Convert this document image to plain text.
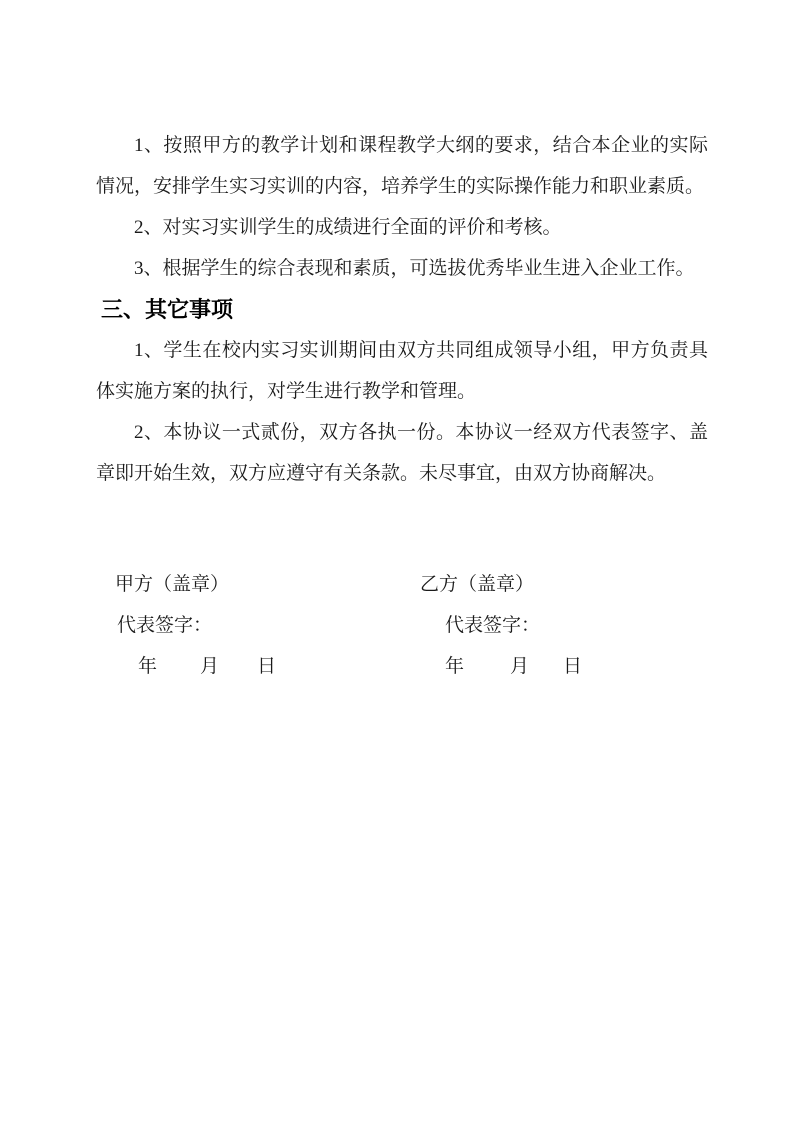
1、按照甲方的教学计划和课程教学大纲的要求，结合本企业的实际情况，安排学生实习实训的内容，培养学生的实际操作能力和职业素质。

2、对实习实训学生的成绩进行全面的评价和考核。

3、根据学生的综合表现和素质，可选拔优秀毕业生进入企业工作。

三、其它事项

1、学生在校内实习实训期间由双方共同组成领导小组，甲方负责具体实施方案的执行，对学生进行教学和管理。

2、本协议一式贰份，双方各执一份。本协议一经双方代表签字、盖章即开始生效，双方应遵守有关条款。未尽事宜，由双方协商解决。

甲方（盖章）	乙方（盖章）
代表签字：	代表签字：
年 月 日	年 月 日
